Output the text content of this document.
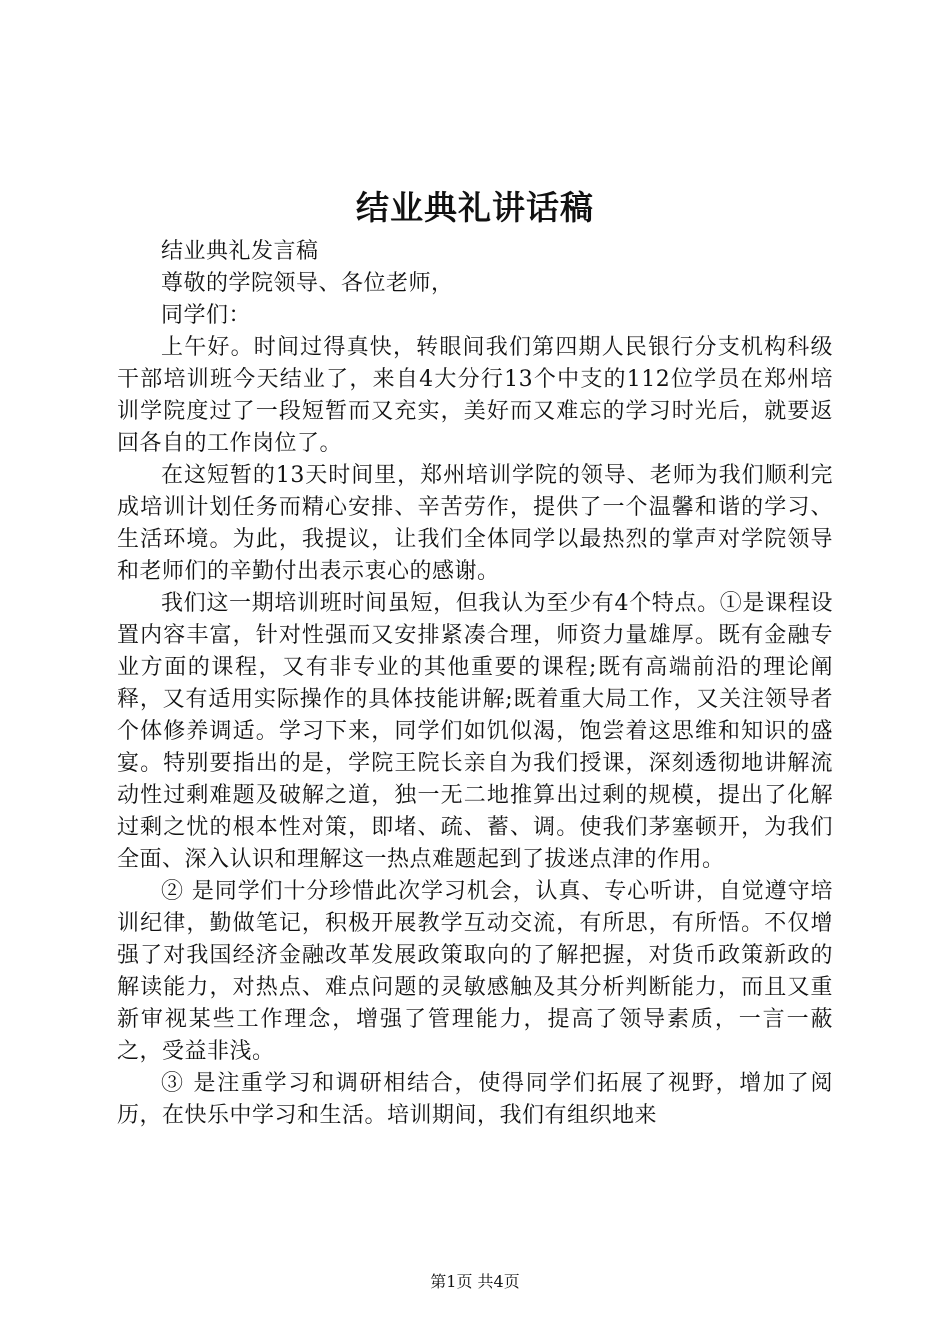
结业典礼讲话稿

结业典礼发言稿

尊敬的学院领导、各位老师，

同学们：

上午好。时间过得真快，转眼间我们第四期人民银行分支机构科级干部培训班今天结业了，来自4大分行13个中支的112位学员在郑州培训学院度过了一段短暂而又充实，美好而又难忘的学习时光后，就要返回各自的工作岗位了。

在这短暂的13天时间里，郑州培训学院的领导、老师为我们顺利完成培训计划任务而精心安排、辛苦劳作，提供了一个温馨和谐的学习、生活环境。为此，我提议，让我们全体同学以最热烈的掌声对学院领导和老师们的辛勤付出表示衷心的感谢。

我们这一期培训班时间虽短，但我认为至少有4个特点。①是课程设置内容丰富，针对性强而又安排紧凑合理，师资力量雄厚。既有金融专业方面的课程，又有非专业的其他重要的课程;既有高端前沿的理论阐释，又有适用实际操作的具体技能讲解;既着重大局工作，又关注领导者个体修养调适。学习下来，同学们如饥似渴，饱尝着这思维和知识的盛宴。特别要指出的是，学院王院长亲自为我们授课，深刻透彻地讲解流动性过剩难题及破解之道，独一无二地推算出过剩的规模，提出了化解过剩之忧的根本性对策，即堵、疏、蓄、调。使我们茅塞顿开，为我们全面、深入认识和理解这一热点难题起到了拔迷点津的作用。

② 是同学们十分珍惜此次学习机会，认真、专心听讲，自觉遵守培训纪律，勤做笔记，积极开展教学互动交流，有所思，有所悟。不仅增强了对我国经济金融改革发展政策取向的了解把握，对货币政策新政的解读能力，对热点、难点问题的灵敏感触及其分析判断能力，而且又重新审视某些工作理念，增强了管理能力，提高了领导素质，一言一蔽之，受益非浅。

③ 是注重学习和调研相结合，使得同学们拓展了视野，增加了阅历，在快乐中学习和生活。培训期间，我们有组织地来

第1页 共4页
